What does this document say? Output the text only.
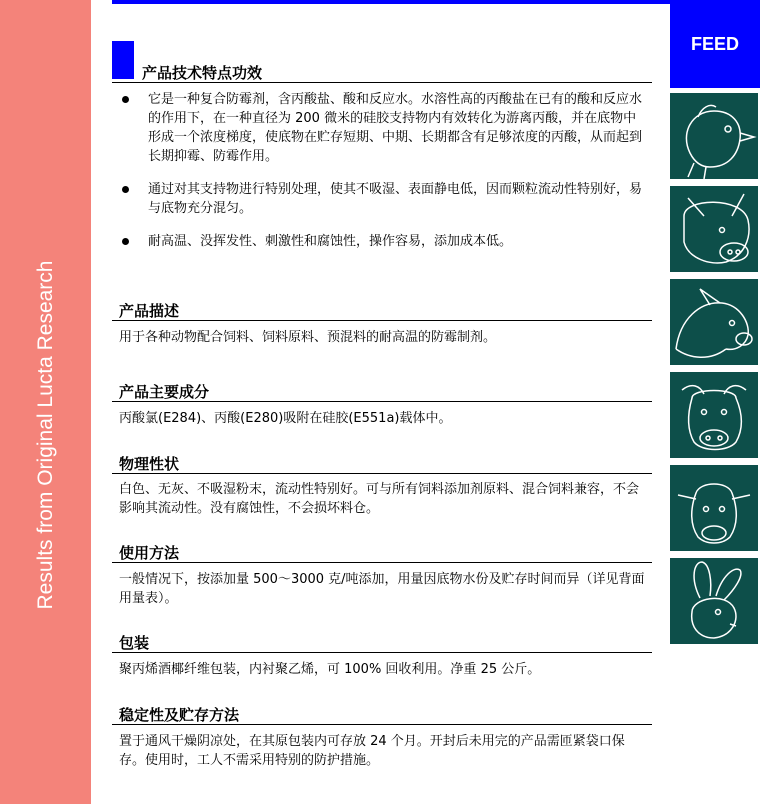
Results from Original Lucta Research
FEED
产品技术特点功效
它是一种复合防霉剂，含丙酸盐、酸和反应水。水溶性高的丙酸盐在已有的酸和反应水的作用下，在一种直径为 200 微米的硅胶支持物内有效转化为游离丙酸，并在底物中形成一个浓度梯度，使底物在贮存短期、中期、长期都含有足够浓度的丙酸，从而起到长期抑霉、防霉作用。
通过对其支持物进行特别处理，使其不吸湿、表面静电低，因而颗粒流动性特别好，易与底物充分混匀。
耐高温、没挥发性、刺激性和腐蚀性，操作容易，添加成本低。
产品描述
用于各种动物配合饲料、饲料原料、预混料的耐高温的防霉制剂。
产品主要成分
丙酸氯(E284)、丙酸(E280)吸附在硅胶(E551a)载体中。
物理性状
白色、无灰、不吸湿粉末，流动性特别好。可与所有饲料添加剂原料、混合饲料兼容，不会影响其流动性。没有腐蚀性，不会损坏料仓。
使用方法
一般情况下，按添加量 500～3000 克/吨添加，用量因底物水份及贮存时间而异（详见背面用量表）。
包装
聚丙烯酒椰纤维包装，内衬聚乙烯，可 100% 回收利用。净重 25 公斤。
稳定性及贮存方法
置于通风干燥阴凉处，在其原包装内可存放 24 个月。开封后未用完的产品需匝紧袋口保存。使用时，工人不需采用特别的防护措施。
